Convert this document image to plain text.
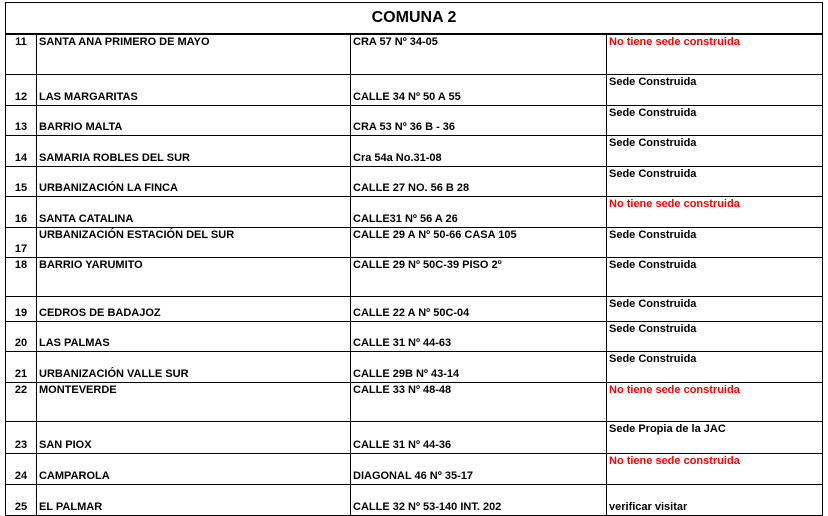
COMUNA 2			
11	SANTA ANA PRIMERO DE MAYO	CRA 57 Nº 34-05	No tiene sede construida
12	LAS MARGARITAS	CALLE 34 Nº 50 A 55	Sede Construida
13	BARRIO MALTA	CRA 53 Nº 36 B - 36	Sede Construida
14	SAMARIA ROBLES DEL SUR	Cra 54a No.31-08	Sede Construida
15	URBANIZACIÓN LA FINCA	CALLE 27 NO. 56 B 28	Sede Construida
16	SANTA CATALINA	CALLE31 Nº 56 A 26	No tiene sede construida
17	URBANIZACIÓN ESTACIÓN DEL SUR	CALLE 29 A Nº 50-66 CASA 105	Sede Construida
18	BARRIO YARUMITO	CALLE 29 Nº 50C-39 PISO 2º	Sede Construida
19	CEDROS DE BADAJOZ	CALLE 22 A Nº 50C-04	Sede Construida
20	LAS PALMAS	CALLE 31 Nº 44-63	Sede Construida
21	URBANIZACIÓN VALLE SUR	CALLE 29B Nº 43-14	Sede Construida
22	MONTEVERDE	CALLE 33 Nº 48-48	No tiene sede construida
23	SAN PIOX	CALLE 31 Nº 44-36	Sede Propia de la JAC
24	CAMPAROLA	DIAGONAL 46 Nº 35-17	No tiene sede construida
25	EL PALMAR	CALLE 32 Nº 53-140 INT. 202	verificar visitar
